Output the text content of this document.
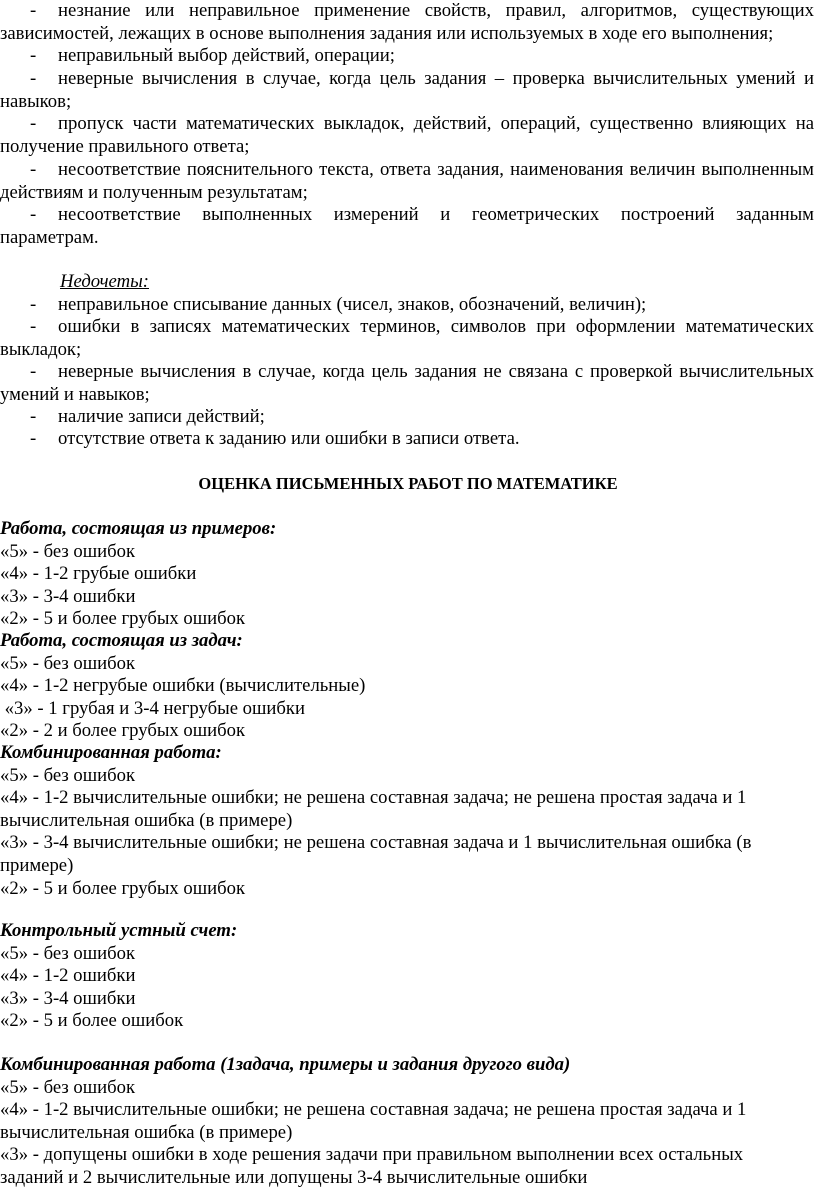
- незнание или неправильное применение свойств, правил, алгоритмов, существующих зависимостей, лежащих в основе выполнения задания или используемых в ходе его выполнения;

- неправильный выбор действий, операции;

- неверные вычисления в случае, когда цель задания – проверка вычислительных умений и навыков;

- пропуск части математических выкладок, действий, операций, существенно влияющих на получение правильного ответа;

- несоответствие пояснительного текста, ответа задания, наименования величин выполненным действиям и полученным результатам;

- несоответствие выполненных измерений и геометрических построений заданным параметрам.

Недочеты:

- неправильное списывание данных (чисел, знаков, обозначений, величин);

- ошибки в записях математических терминов, символов при оформлении математических выкладок;

- неверные вычисления в случае, когда цель задания не связана с проверкой вычислительных умений и навыков;

- наличие записи действий;

- отсутствие ответа к заданию или ошибки в записи ответа.

ОЦЕНКА ПИСЬМЕННЫХ РАБОТ ПО МАТЕМАТИКЕ

Работа, состоящая из примеров:
«5» - без ошибок
«4» - 1-2 грубые ошибки
«3» - 3-4 ошибки
«2» - 5 и более грубых ошибок
Работа, состоящая из задач:
«5» - без ошибок
«4» - 1-2 негрубые ошибки (вычислительные)
«3» - 1 грубая и 3-4 негрубые ошибки
«2» - 2 и более грубых ошибок
Комбинированная работа:
«5» - без ошибок
«4» - 1-2 вычислительные ошибки; не решена составная задача; не решена простая задача и 1 вычислительная ошибка (в примере)
«3» - 3-4 вычислительные ошибки; не решена составная задача и 1 вычислительная ошибка (в примере)
«2» - 5 и более грубых ошибок
Контрольный устный счет:
«5» - без ошибок
«4» - 1-2 ошибки
«3» - 3-4 ошибки
«2» - 5 и более ошибок
Комбинированная работа (1задача, примеры и задания другого вида)
«5» - без ошибок
«4» - 1-2 вычислительные ошибки; не решена составная задача; не решена простая задача и 1 вычислительная ошибка (в примере)
«3» - допущены ошибки в ходе решения задачи при правильном выполнении всех остальных заданий и 2 вычислительные или допущены 3-4 вычислительные ошибки
